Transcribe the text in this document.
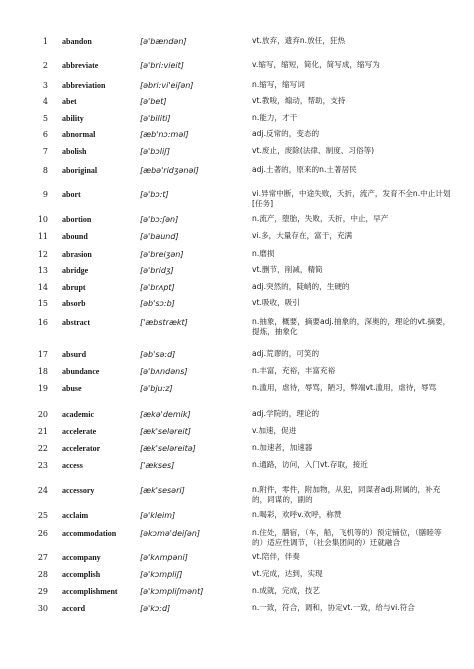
1 abandon	[ə'bændən]	vt.放弃，遗弃n.放任，狂热
2 abbreviate	[ə'bri:vieit]	v.缩写，缩短，简化，简写成，缩写为
3 abbreviation	[əbri:vi'eiʃən]	n.缩写，缩写词
4 abet	[ə'bet]	vt.教唆，煽动，帮助，支持
5 ability	[ə'biliti]	n.能力，才干
6 abnormal	[æb'nɔ:məl]	adj.反常的，变态的
7 abolish	[ə'bɔliʃ]	vt.废止，废除(法律、制度、习俗等)
8 aboriginal	[æbə'ridʒənəl]	adj.土著的，原来的n.土著居民
9 abort	[ə'bɔ:t]	vi.异常中断，中途失败，夭折，流产，发育不全n.中止计划[任务]
10 abortion	[ə'bɔ:ʃən]	n.流产，堕胎，失败，夭折，中止，早产
11 abound	[ə'baund]	vi.多，大量存在，富于，充满
12 abrasion	[ə'breiʒən]	n.磨损
13 abridge	[ə'bridʒ]	vt.删节，削减，精简
14 abrupt	[ə'brʌpt]	adj.突然的，陡峭的，生硬的
15 absorb	[əb'sɔ:b]	vt.吸收，吸引
16 abstract	['æbstrækt]	n.抽象，概要，摘要adj.抽象的，深奥的，理论的vt.摘要，提炼，抽象化
17 absurd	[əb'sə:d]	adj.荒谬的，可笑的
18 abundance	[ə'bʌndəns]	n.丰富，充裕，丰富充裕
19 abuse	[ə'bju:z]	n.滥用，虐待，辱骂，陋习，弊端vt.滥用，虐待，辱骂
20 academic	[ækə'demik]	adj.学院的，理论的
21 accelerate	[æk'seləreit]	v.加速，促进
22 accelerator	[æk'seləreitə]	n.加速者，加速器
23 access	['ækses]	n.通路，访问，入门vt.存取，接近
24 accessory	[æk'sesəri]	n.附件，零件，附加物，从犯，同谋者adj.附属的，补充的，同谋的，副的
25 acclaim	[ə'kleim]	n.喝彩，欢呼v.欢呼，称赞
26 accommodation	[əkɔmə'deiʃən]	n.住处，膳宿，（车，船，飞机等的）预定铺位，（膳睦等的）适应性调节，（社会集团间的）迁就融合
27 accompany	[ə'kʌmpəni]	vt.陪伴，伴奏
28 accomplish	[ə'kɔmpliʃ]	vt.完成，达到，实现
29 accomplishment	[ə'kɔmpliʃmənt]	n.成就，完成，技艺
30 accord	[ə'kɔ:d]	n.一致，符合，调和，协定vt.一致，给与vi.符合
